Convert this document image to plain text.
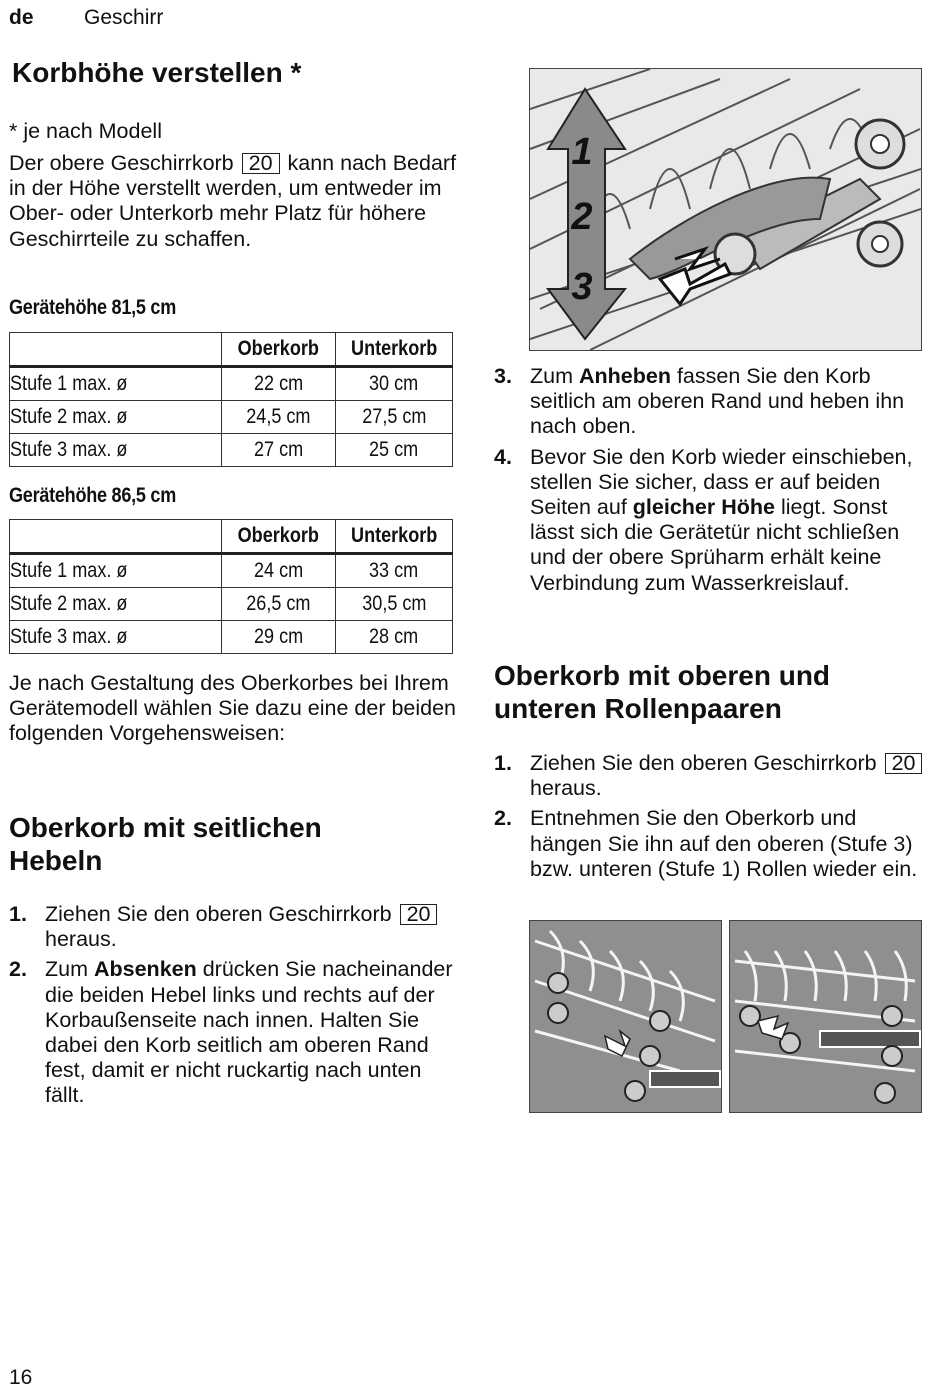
de Geschirr
Korbhöhe verstellen *
* je nach Modell
Der obere Geschirrkorb 20 kann nach Bedarf in der Höhe verstellt werden, um entweder im Ober- oder Unterkorb mehr Platz für höhere Geschirrteile zu schaffen.
Gerätehöhe 81,5 cm
	Oberkorb	Unterkorb
Stufe 1 max. ø	22 cm	30 cm
Stufe 2 max. ø	24,5 cm	27,5 cm
Stufe 3 max. ø	27 cm	25 cm
Gerätehöhe 86,5 cm
	Oberkorb	Unterkorb
Stufe 1 max. ø	24 cm	33 cm
Stufe 2 max. ø	26,5 cm	30,5 cm
Stufe 3 max. ø	29 cm	28 cm
Je nach Gestaltung des Oberkorbes bei Ihrem Gerätemodell wählen Sie dazu eine der beiden folgenden Vorgehensweisen:
Oberkorb mit seitlichen Hebeln
1. Ziehen Sie den oberen Geschirrkorb 20 heraus.
2. Zum Absenken drücken Sie nacheinander die beiden Hebel links und rechts auf der Korbaußenseite nach innen. Halten Sie dabei den Korb seitlich am oberen Rand fest, damit er nicht ruckartig nach unten fällt.
1
2
3
3. Zum Anheben fassen Sie den Korb seitlich am oberen Rand und heben ihn nach oben.
4. Bevor Sie den Korb wieder einschieben, stellen Sie sicher, dass er auf beiden Seiten auf gleicher Höhe liegt. Sonst lässt sich die Gerätetür nicht schließen und der obere Sprüharm erhält keine Verbindung zum Wasserkreislauf.
Oberkorb mit oberen und unteren Rollenpaaren
1. Ziehen Sie den oberen Geschirrkorb 20 heraus.
2. Entnehmen Sie den Oberkorb und hängen Sie ihn auf den oberen (Stufe 3) bzw. unteren (Stufe 1) Rollen wieder ein.
16
